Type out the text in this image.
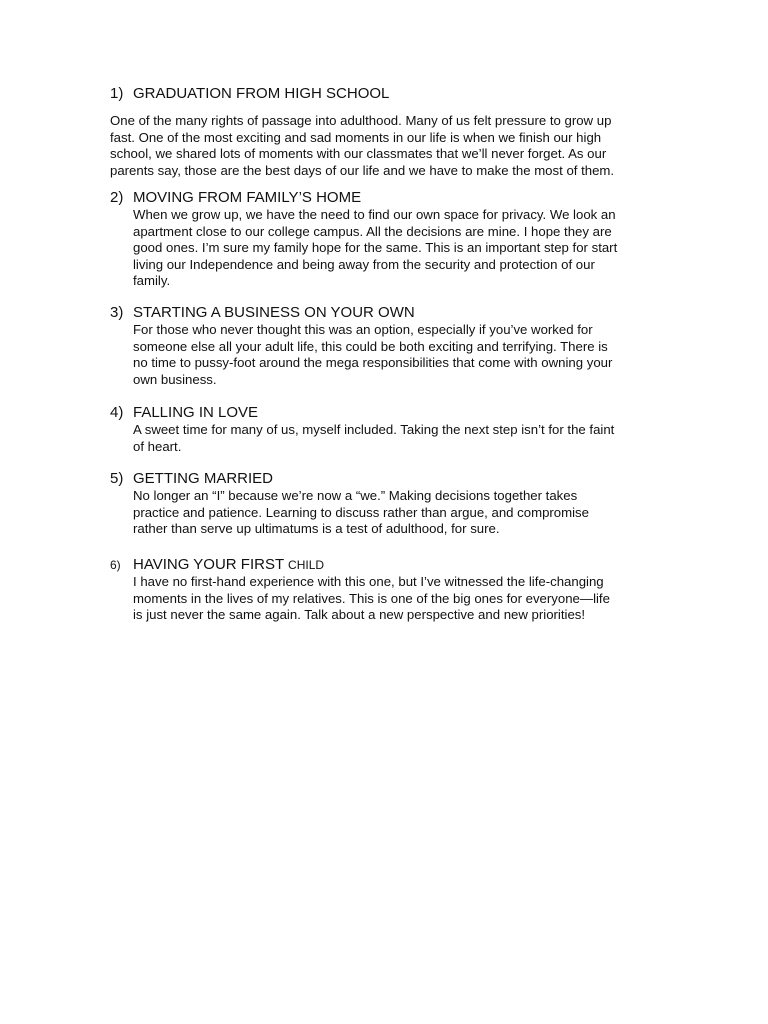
1) GRADUATION FROM HIGH SCHOOL
One of the many rights of passage into adulthood. Many of us felt pressure to grow up
fast. One of the most exciting and sad moments in our life is when we finish our high
school, we shared lots of moments with our classmates that we’ll never forget. As our
parents say, those are the best days of our life and we have to make the most of them.
2) MOVING FROM FAMILY’S HOME
When we grow up, we have the need to find our own space for privacy. We look an
apartment close to our college campus. All the decisions are mine. I hope they are
good ones. I’m sure my family hope for the same. This is an important step for start
living our Independence and being away from the security and protection of our
family.
3) STARTING A BUSINESS ON YOUR OWN
For those who never thought this was an option, especially if you’ve worked for
someone else all your adult life, this could be both exciting and terrifying. There is
no time to pussy-foot around the mega responsibilities that come with owning your
own business.
4) FALLING IN LOVE
A sweet time for many of us, myself included. Taking the next step isn’t for the faint
of heart.
5) GETTING MARRIED
No longer an “I” because we’re now a “we.” Making decisions together takes
practice and patience. Learning to discuss rather than argue, and compromise
rather than serve up ultimatums is a test of adulthood, for sure.
6) HAVING YOUR FIRST CHILD
I have no first-hand experience with this one, but I’ve witnessed the life-changing
moments in the lives of my relatives. This is one of the big ones for everyone—life
is just never the same again. Talk about a new perspective and new priorities!
